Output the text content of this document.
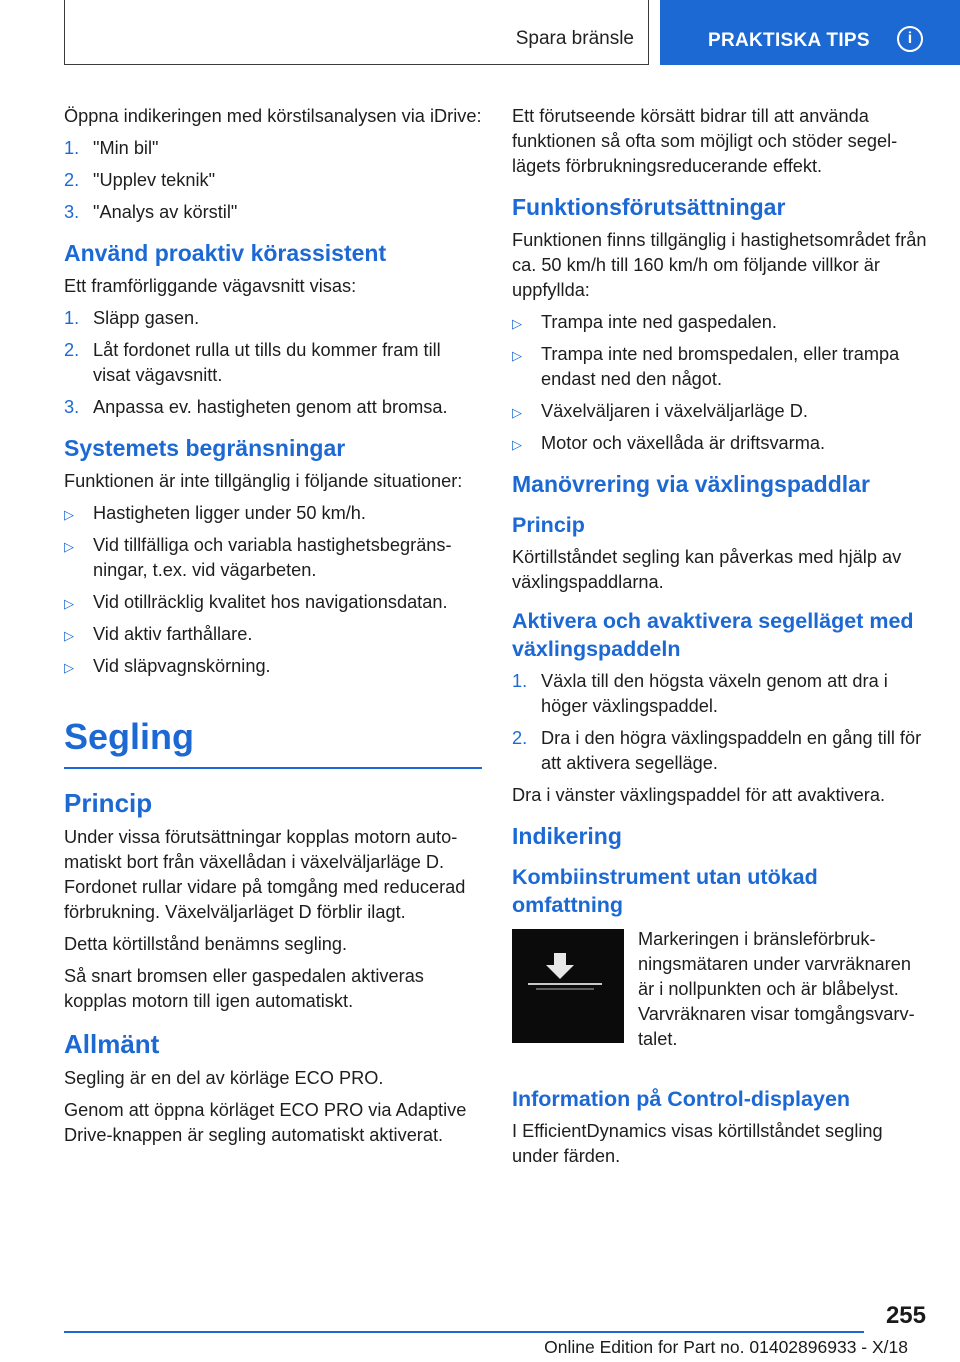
Spara bränsle	PRAKTISKA TIPS	i

Öppna indikeringen med körstilsanalysen via iDrive:

1. "Min bil"
2. "Upplev teknik"
3. "Analys av körstil"
Använd proaktiv körassistent

Ett framförliggande vägavsnitt visas:

1. Släpp gasen.
2. Låt fordonet rulla ut tills du kommer fram till visat vägavsnitt.
3. Anpassa ev. hastigheten genom att bromsa.
Systemets begränsningar

Funktionen är inte tillgänglig i följande situationer:

▷ Hastigheten ligger under 50 km/h.
▷ Vid tillfälliga och variabla hastighetsbegränsningar, t.ex. vid vägarbeten.
▷ Vid otillräcklig kvalitet hos navigationsdatan.
▷ Vid aktiv farthållare.
▷ Vid släpvagnskörning.
Segling
Princip

Under vissa förutsättningar kopplas motorn automatiskt bort från växellådan i växelväljarläge D. Fordonet rullar vidare på tomgång med reducerad förbrukning. Växelväljarläget D förblir ilagt.

Detta körtillstånd benämns segling.

Så snart bromsen eller gaspedalen aktiveras kopplas motorn till igen automatiskt.

Allmänt

Segling är en del av körläge ECO PRO.

Genom att öppna körläget ECO PRO via Adaptive Drive-knappen är segling automatiskt aktiverat.

Ett förutseende körsätt bidrar till att använda funktionen så ofta som möjligt och stöder segellägets förbrukningsreducerande effekt.

Funktionsförutsättningar

Funktionen finns tillgänglig i hastighetsområdet från ca. 50 km/h till 160 km/h om följande villkor är uppfyllda:

▷ Trampa inte ned gaspedalen.
▷ Trampa inte ned bromspedalen, eller trampa endast ned den något.
▷ Växelväljaren i växelväljarläge D.
▷ Motor och växellåda är driftsvarma.
Manövrering via växlingspaddlar
Princip

Körtillståndet segling kan påverkas med hjälp av växlingspaddlarna.

Aktivera och avaktivera segelläget med växlingspaddeln
1. Växla till den högsta växeln genom att dra i höger växlingspaddel.
2. Dra i den högra växlingspaddeln en gång till för att aktivera segelläge.

Dra i vänster växlingspaddel för att avaktivera.

Indikering
Kombiinstrument utan utökad omfattning

Markeringen i bränsleförbrukningsmätaren under varvräknaren är i nollpunkten och är blåbelyst. Varvräknaren visar tomgångsvarvtalet.

Information på Control-displayen

I EfficientDynamics visas körtillståndet segling under färden.

255
Online Edition for Part no. 01402896933 - X/18
